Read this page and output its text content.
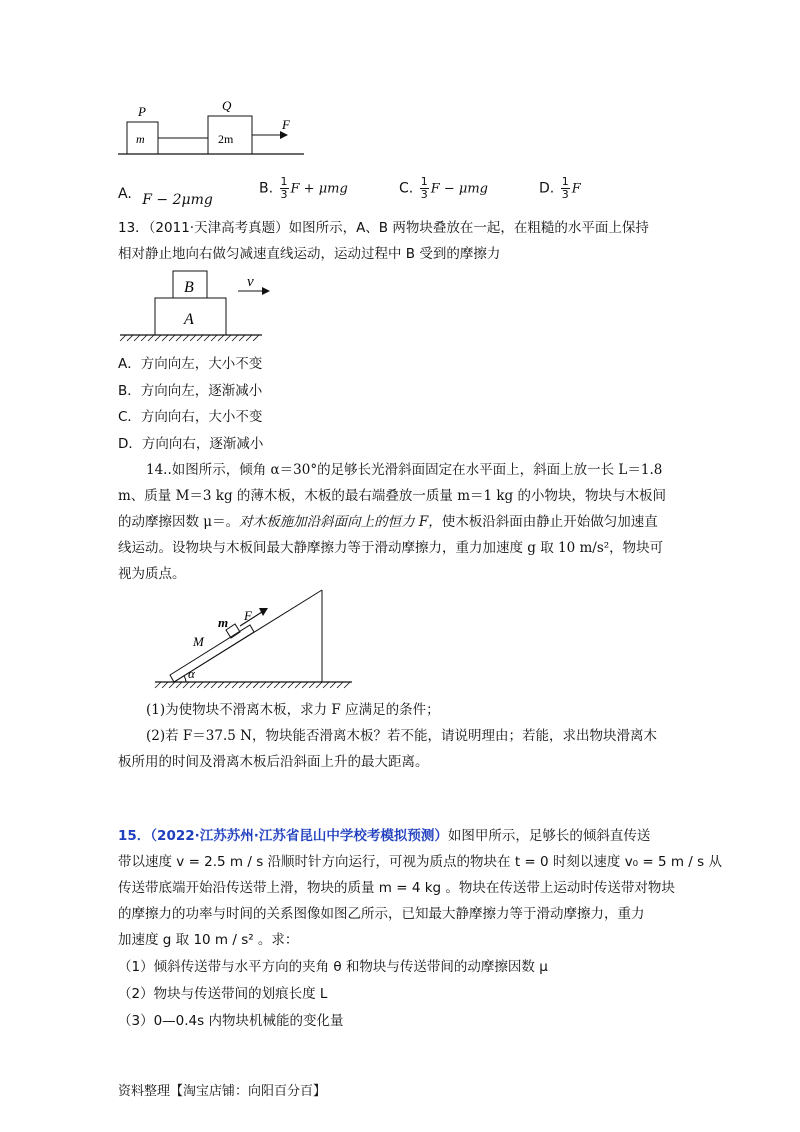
P	Q
m	2m
F
B
A
v
m F
M
α
A. F − 2μmg
B. $\frac{1}{3}$ F + μmg	C. $\frac{1}{3}$ F − μmg	D. $\frac{1}{3}$ F
13．（2011·天津高考真题）如图所示，A、B 两物块叠放在一起，在粗糙的水平面上保持
相对静止地向右做匀减速直线运动，运动过程中 B 受到的摩擦力
A．方向向左，大小不变
B．方向向左，逐渐减小
C．方向向右，大小不变
D．方向向右，逐渐减小
14..如图所示，倾角 α＝30°的足够长光滑斜面固定在水平面上，斜面上放一长 L＝1.8
m、质量 M＝3 kg 的薄木板，木板的最右端叠放一质量 m＝1 kg 的小物块，物块与木板间
的动摩擦因数 μ＝。对木板施加沿斜面向上的恒力 F，使木板沿斜面由静止开始做匀加速直
线运动。设物块与木板间最大静摩擦力等于滑动摩擦力，重力加速度 g 取 10 m/s²，物块可
视为质点。
(1)为使物块不滑离木板，求力 F 应满足的条件；
(2)若 F＝37.5 N，物块能否滑离木板？若不能，请说明理由；若能，求出物块滑离木
板所用的时间及滑离木板后沿斜面上升的最大距离。
15．（2022·江苏苏州·江苏省昆山中学校考模拟预测）如图甲所示，足够长的倾斜直传送
带以速度 v = 2.5 m / s 沿顺时针方向运行，可视为质点的物块在 t = 0 时刻以速度 v₀ = 5 m / s 从
传送带底端开始沿传送带上滑，物块的质量 m = 4 kg 。物块在传送带上运动时传送带对物块
的摩擦力的功率与时间的关系图像如图乙所示，已知最大静摩擦力等于滑动摩擦力，重力
加速度 g 取 10 m / s² 。求：
（1）倾斜传送带与水平方向的夹角 θ 和物块与传送带间的动摩擦因数 μ
（2）物块与传送带间的划痕长度 L
（3）0—0.4s 内物块机械能的变化量
资料整理【淘宝店铺：向阳百分百】
